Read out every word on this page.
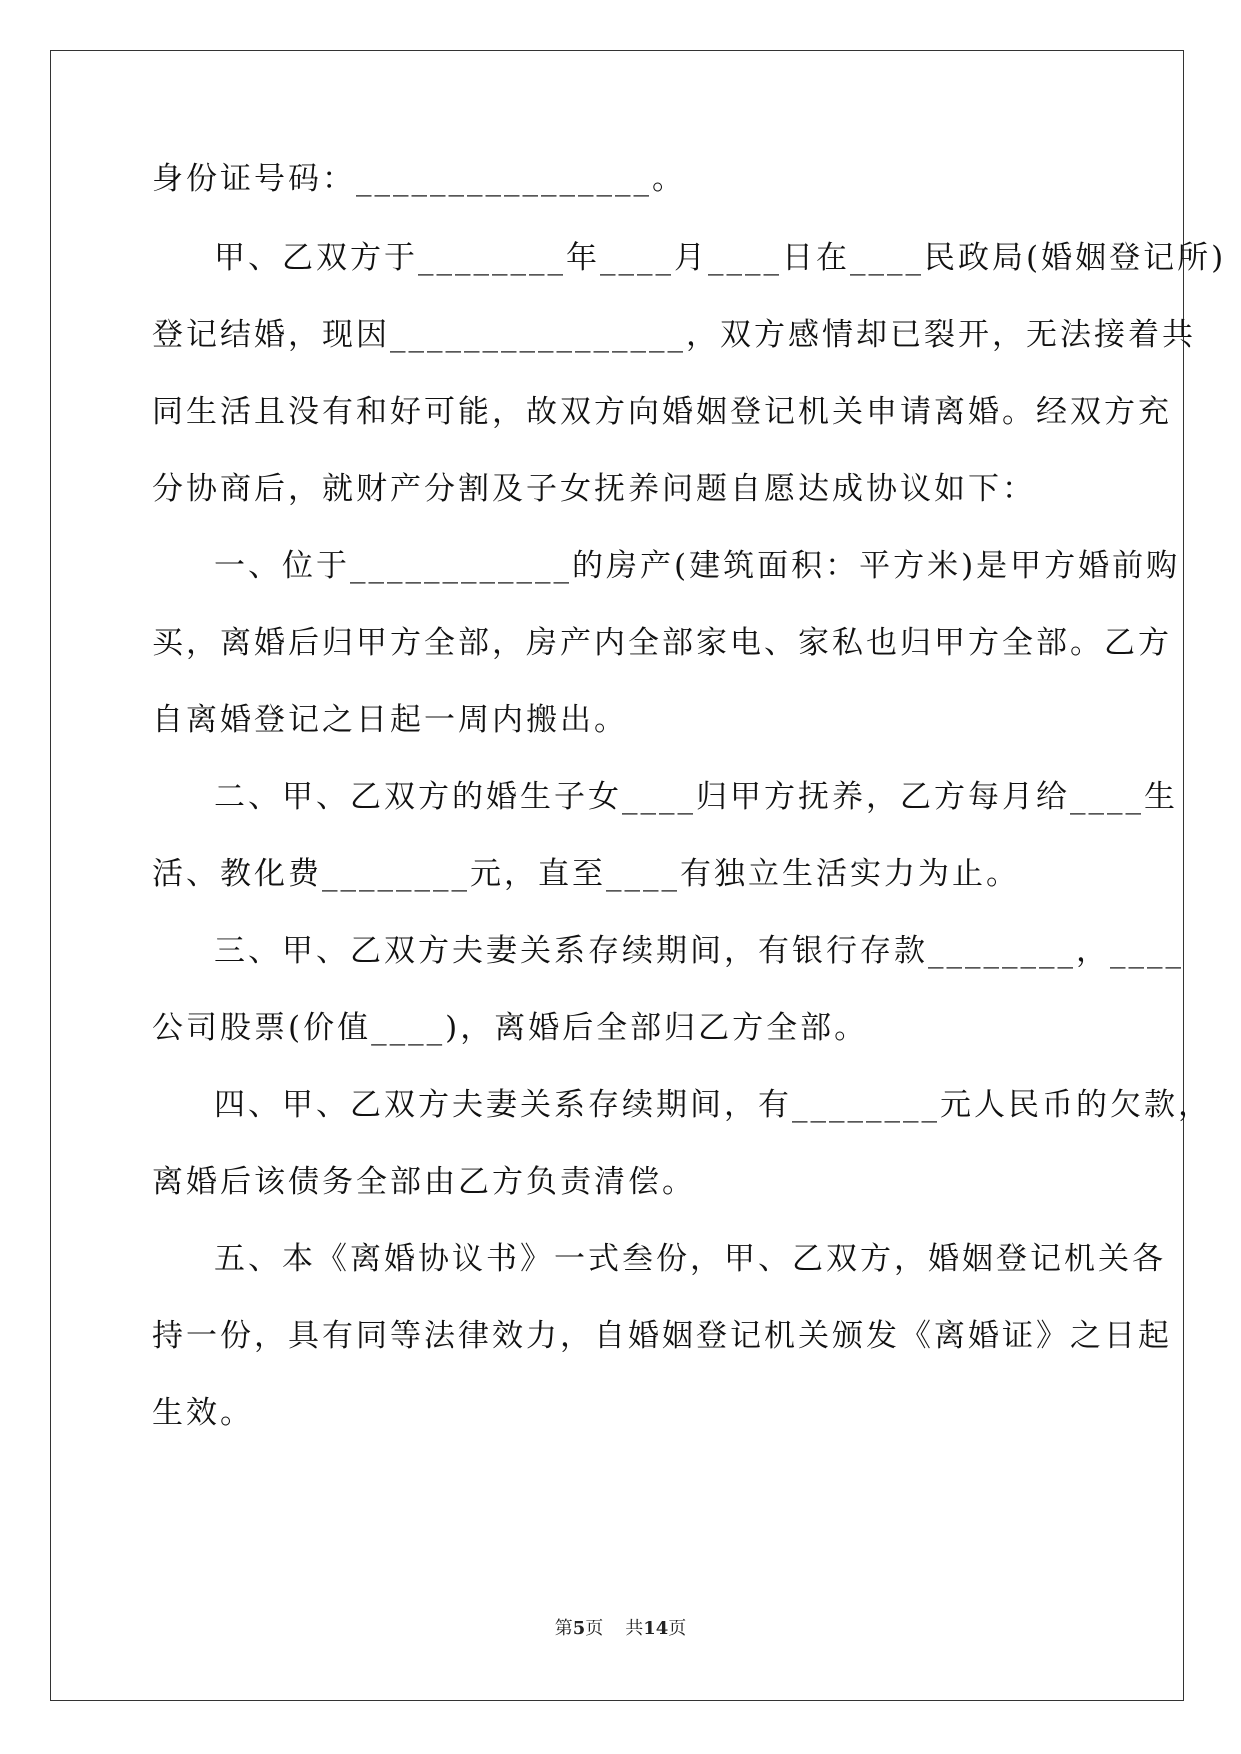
身份证号码：________________。
甲、乙双方于________年____月____日在____民政局(婚姻登记所)
登记结婚，现因________________，双方感情却已裂开，无法接着共
同生活且没有和好可能，故双方向婚姻登记机关申请离婚。经双方充
分协商后，就财产分割及子女抚养问题自愿达成协议如下：
一、位于____________的房产(建筑面积：平方米)是甲方婚前购
买，离婚后归甲方全部，房产内全部家电、家私也归甲方全部。乙方
自离婚登记之日起一周内搬出。
二、甲、乙双方的婚生子女____归甲方抚养，乙方每月给____生
活、教化费________元，直至____有独立生活实力为止。
三、甲、乙双方夫妻关系存续期间，有银行存款________，____
公司股票(价值____)，离婚后全部归乙方全部。
四、甲、乙双方夫妻关系存续期间，有________元人民币的欠款，
离婚后该债务全部由乙方负责清偿。
五、本《离婚协议书》一式叁份，甲、乙双方，婚姻登记机关各
持一份，具有同等法律效力，自婚姻登记机关颁发《离婚证》之日起
生效。
第5页 共14页
